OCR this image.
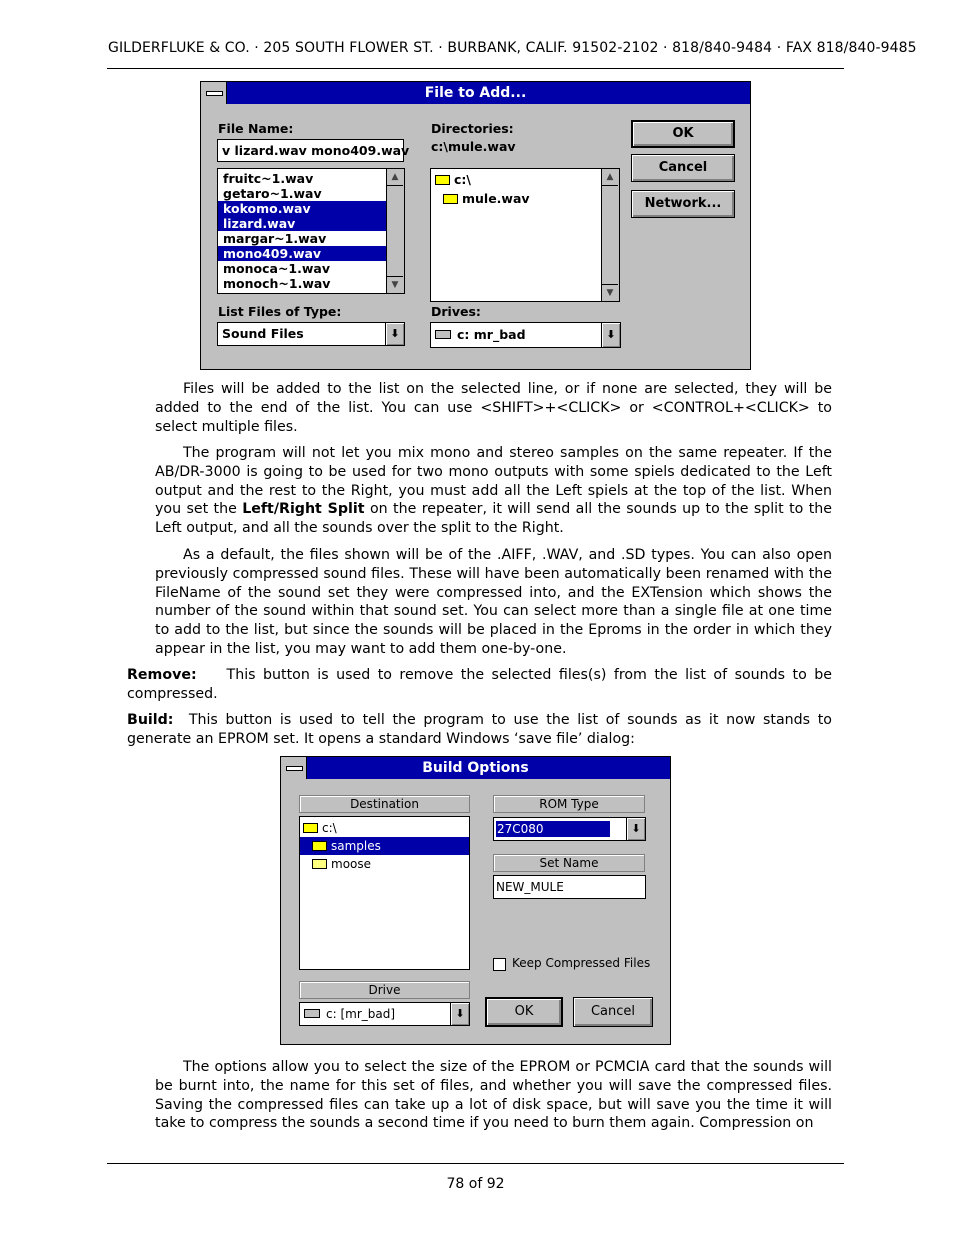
GILDERFLUKE & CO. · 205 SOUTH FLOWER ST. · BURBANK, CALIF. 91502-2102 · 818/840-9484 · FAX 818/840-9485
File to Add...
File Name:
v lizard.wav mono409.wav
fruitc~1.wav
getaro~1.wav
kokomo.wav
lizard.wav
margar~1.wav
mono409.wav
monoca~1.wav
monoch~1.wav
▲
▼
Directories:
c:\mule.wav
c:\
mule.wav
▲
▼
OK
Cancel
Network...
List Files of Type:
Sound Files	⬇
Drives:
c: mr_bad	⬇
Files will be added to the list on the selected line, or if none are selected, they will be added to the end of the list. You can use <SHIFT>+<CLICK> or <CONTROL+<CLICK> to select multiple files.
The program will not let you mix mono and stereo samples on the same repeater. If the AB/DR-3000 is going to be used for two mono outputs with some spiels dedicated to the Left output and the rest to the Right, you must add all the Left spiels at the top of the list. When you set the Left/Right Split on the repeater, it will send all the sounds up to the split to the Left output, and all the sounds over the split to the Right.
As a default, the files shown will be of the .AIFF, .WAV, and .SD types. You can also open previously compressed sound files. These will have been automatically been renamed with the FileName of the sound set they were compressed into, and the EXTension which shows the number of the sound within that sound set. You can select more than a single file at one time to add to the list, but since the sounds will be placed in the Eproms in the order in which they appear in the list, you may want to add them one-by-one.
Remove: This button is used to remove the selected files(s) from the list of sounds to be compressed.
Build: This button is used to tell the program to use the list of sounds as it now stands to generate an EPROM set. It opens a standard Windows ‘save file’ dialog:
Build Options
Destination
c:\
samples
moose
ROM Type
27C080	⬇
Set Name
NEW_MULE
Keep Compressed Files
Drive
c: [mr_bad]	⬇	OK	Cancel
The options allow you to select the size of the EPROM or PCMCIA card that the sounds will be burnt into, the name for this set of files, and whether you will save the compressed files. Saving the compressed files can take up a lot of disk space, but will save you the time it will take to compress the sounds a second time if you need to burn them again. Compression on
78 of 92
